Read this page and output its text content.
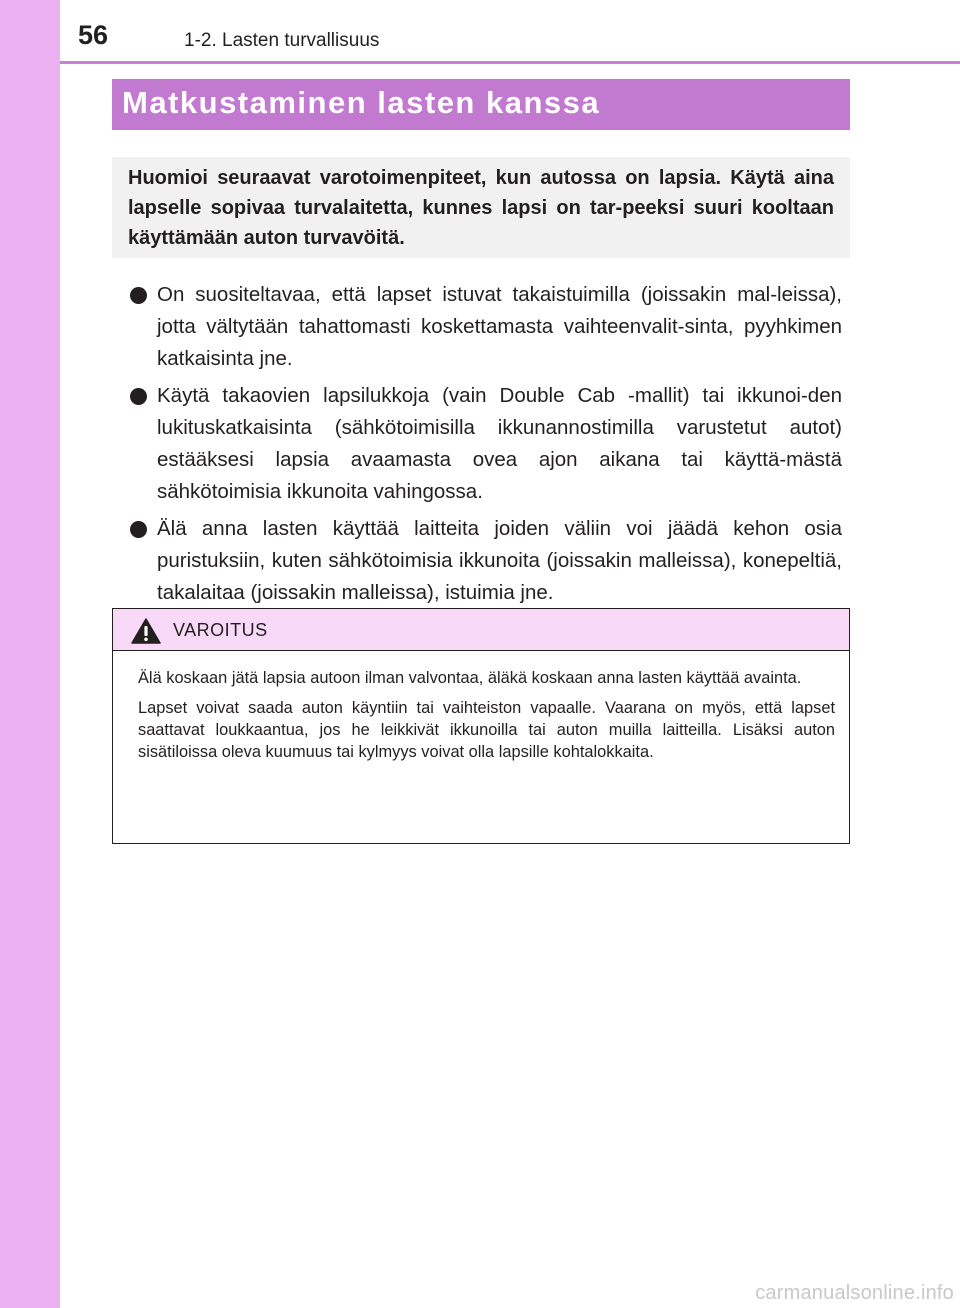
56	1-2. Lasten turvallisuus
Matkustaminen lasten kanssa
Huomioi seuraavat varotoimenpiteet, kun autossa on lapsia. Käytä aina lapselle sopivaa turvalaitetta, kunnes lapsi on tar-peeksi suuri kooltaan käyttämään auton turvavöitä.
On suositeltavaa, että lapset istuvat takaistuimilla (joissakin mal-leissa), jotta vältytään tahattomasti koskettamasta vaihteenvalit-sinta, pyyhkimen katkaisinta jne.
Käytä takaovien lapsilukkoja (vain Double Cab -mallit) tai ikkunoi-den lukituskatkaisinta (sähkötoimisilla ikkunannostimilla varustetut autot) estääksesi lapsia avaamasta ovea ajon aikana tai käyttä-mästä sähkötoimisia ikkunoita vahingossa.
Älä anna lasten käyttää laitteita joiden väliin voi jäädä kehon osia puristuksiin, kuten sähkötoimisia ikkunoita (joissakin malleissa), konepeltiä, takalaitaa (joissakin malleissa), istuimia jne.
VAROITUS

Älä koskaan jätä lapsia autoon ilman valvontaa, äläkä koskaan anna lasten käyttää avainta.

Lapset voivat saada auton käyntiin tai vaihteiston vapaalle. Vaarana on myös, että lapset saattavat loukkaantua, jos he leikkivät ikkunoilla tai auton muilla laitteilla. Lisäksi auton sisätiloissa oleva kuumuus tai kylmyys voivat olla lapsille kohtalokkaita.

carmanualsonline.info
